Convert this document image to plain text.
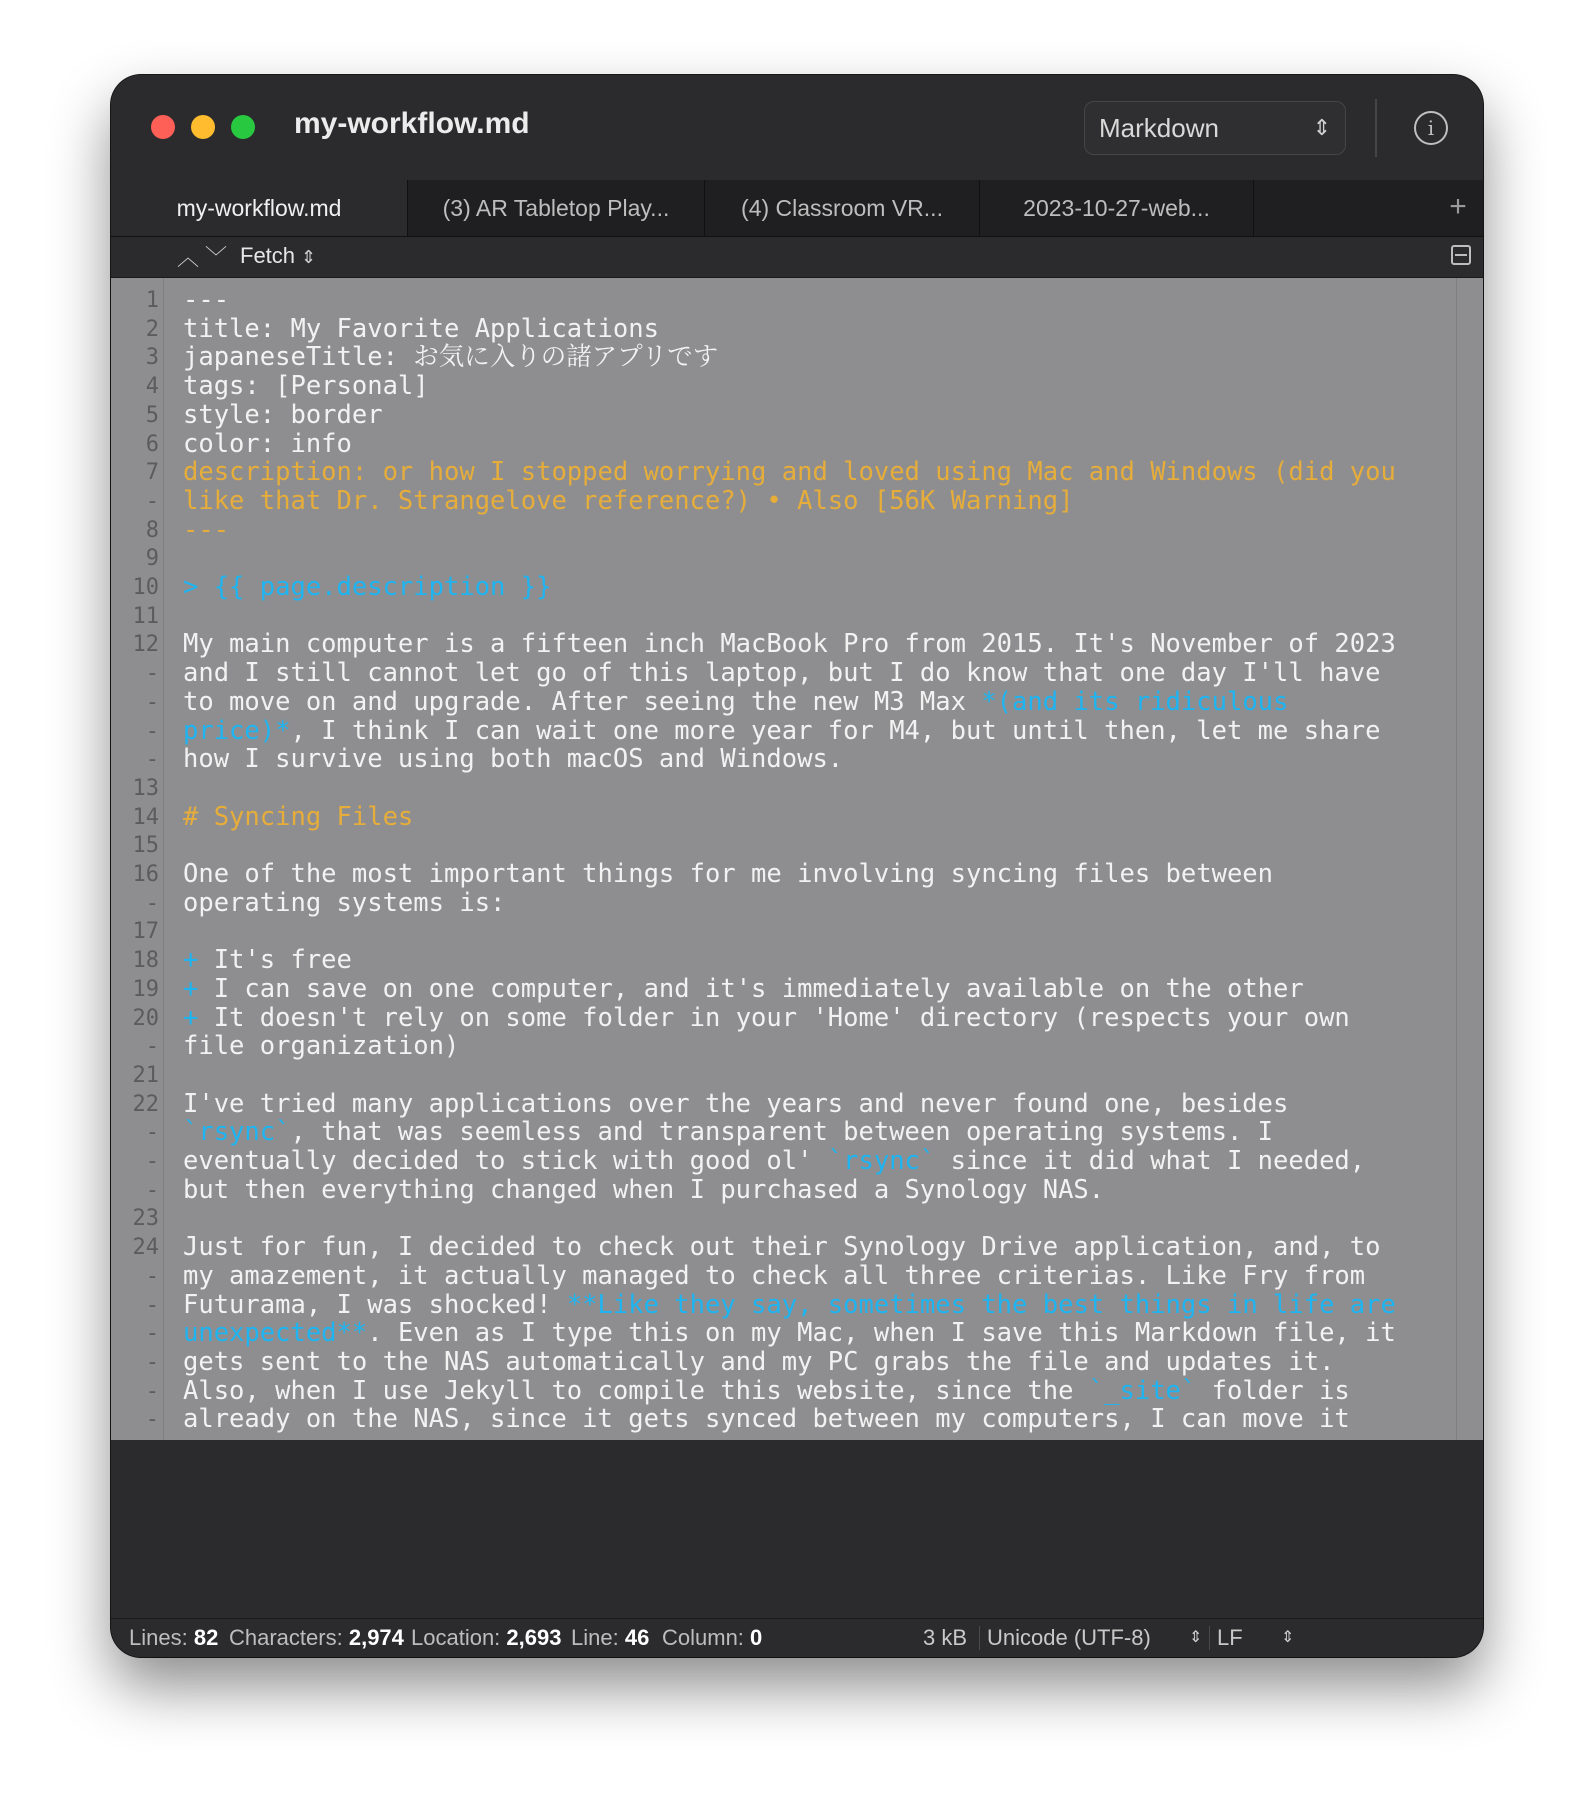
my-workflow.md	Markdown	⇕	i
my-workflow.md	(3) AR Tabletop Play...	(4) Classroom VR...	2023-10-27-web...	+
︿ ﹀ Fetch ⇕
1 ---
2 title: My Favorite Applications
3 japaneseTitle: お気に入りの諸アプリです
4 tags: [Personal]
5 style: border
6 color: info
7 description: or how I stopped worrying and loved using Mac and Windows (did you
- like that Dr. Strangelove reference?) • Also [56K Warning]
8 ---
9
10 > {{ page.description }}
11
12 My main computer is a fifteen inch MacBook Pro from 2015. It's November of 2023
- and I still cannot let go of this laptop, but I do know that one day I'll have
- to move on and upgrade. After seeing the new M3 Max *(and its ridiculous
- price)*, I think I can wait one more year for M4, but until then, let me share
- how I survive using both macOS and Windows.
13
14 # Syncing Files
15
16 One of the most important things for me involving syncing files between
- operating systems is:
17
18 + It's free
19 + I can save on one computer, and it's immediately available on the other
20 + It doesn't rely on some folder in your 'Home' directory (respects your own
- file organization)
21
22 I've tried many applications over the years and never found one, besides
- `rsync`, that was seemless and transparent between operating systems. I
- eventually decided to stick with good ol' `rsync` since it did what I needed,
- but then everything changed when I purchased a Synology NAS.
23
24 Just for fun, I decided to check out their Synology Drive application, and, to
- my amazement, it actually managed to check all three criterias. Like Fry from
- Futurama, I was shocked! **Like they say, sometimes the best things in life are
- unexpected**. Even as I type this on my Mac, when I save this Markdown file, it
- gets sent to the NAS automatically and my PC grabs the file and updates it.
- Also, when I use Jekyll to compile this website, since the `_site` folder is
- already on the NAS, since it gets synced between my computers, I can move it
Lines: 82 Characters: 2,974 Location: 2,693 Line: 46 Column: 0	3 kB Unicode (UTF-8) ⇕ LF ⇕
